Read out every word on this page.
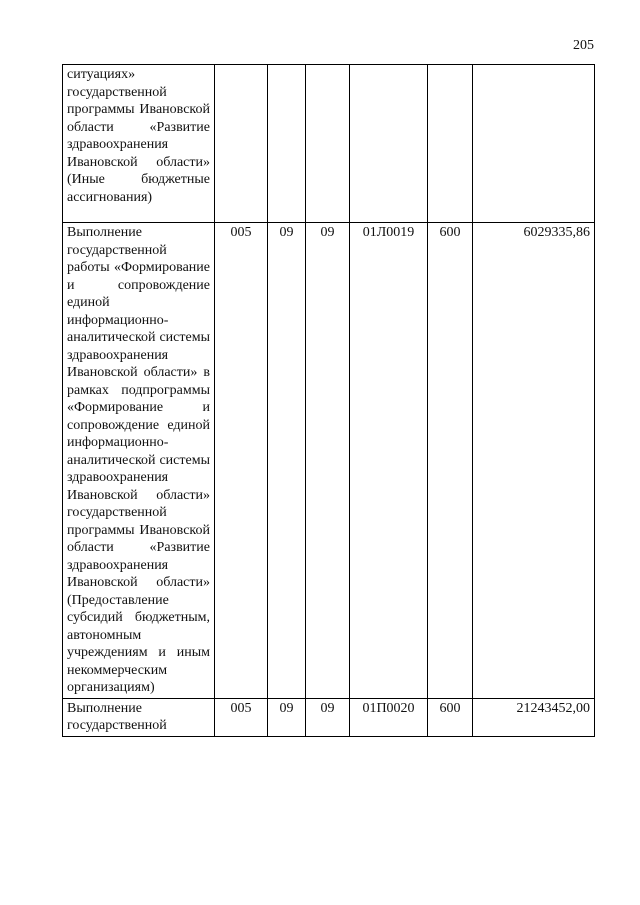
205
ситуациях» государственной программы Ивановской области «Развитие здравоохранения Ивановской области» (Иные бюджетные ассигнования)						
Выполнение государственной работы «Формирование и сопровождение единой информационно-аналитической системы здравоохранения Ивановской области» в рамках подпрограммы «Формирование и сопровождение единой информационно-аналитической системы здравоохранения Ивановской области» государственной программы Ивановской области «Развитие здравоохранения Ивановской области» (Предоставление субсидий бюджетным, автономным учреждениям и иным некоммерческим организациям)	005	09	09	01Л0019	600	6029335,86
Выполнение государственной	005	09	09	01П0020	600	21243452,00
